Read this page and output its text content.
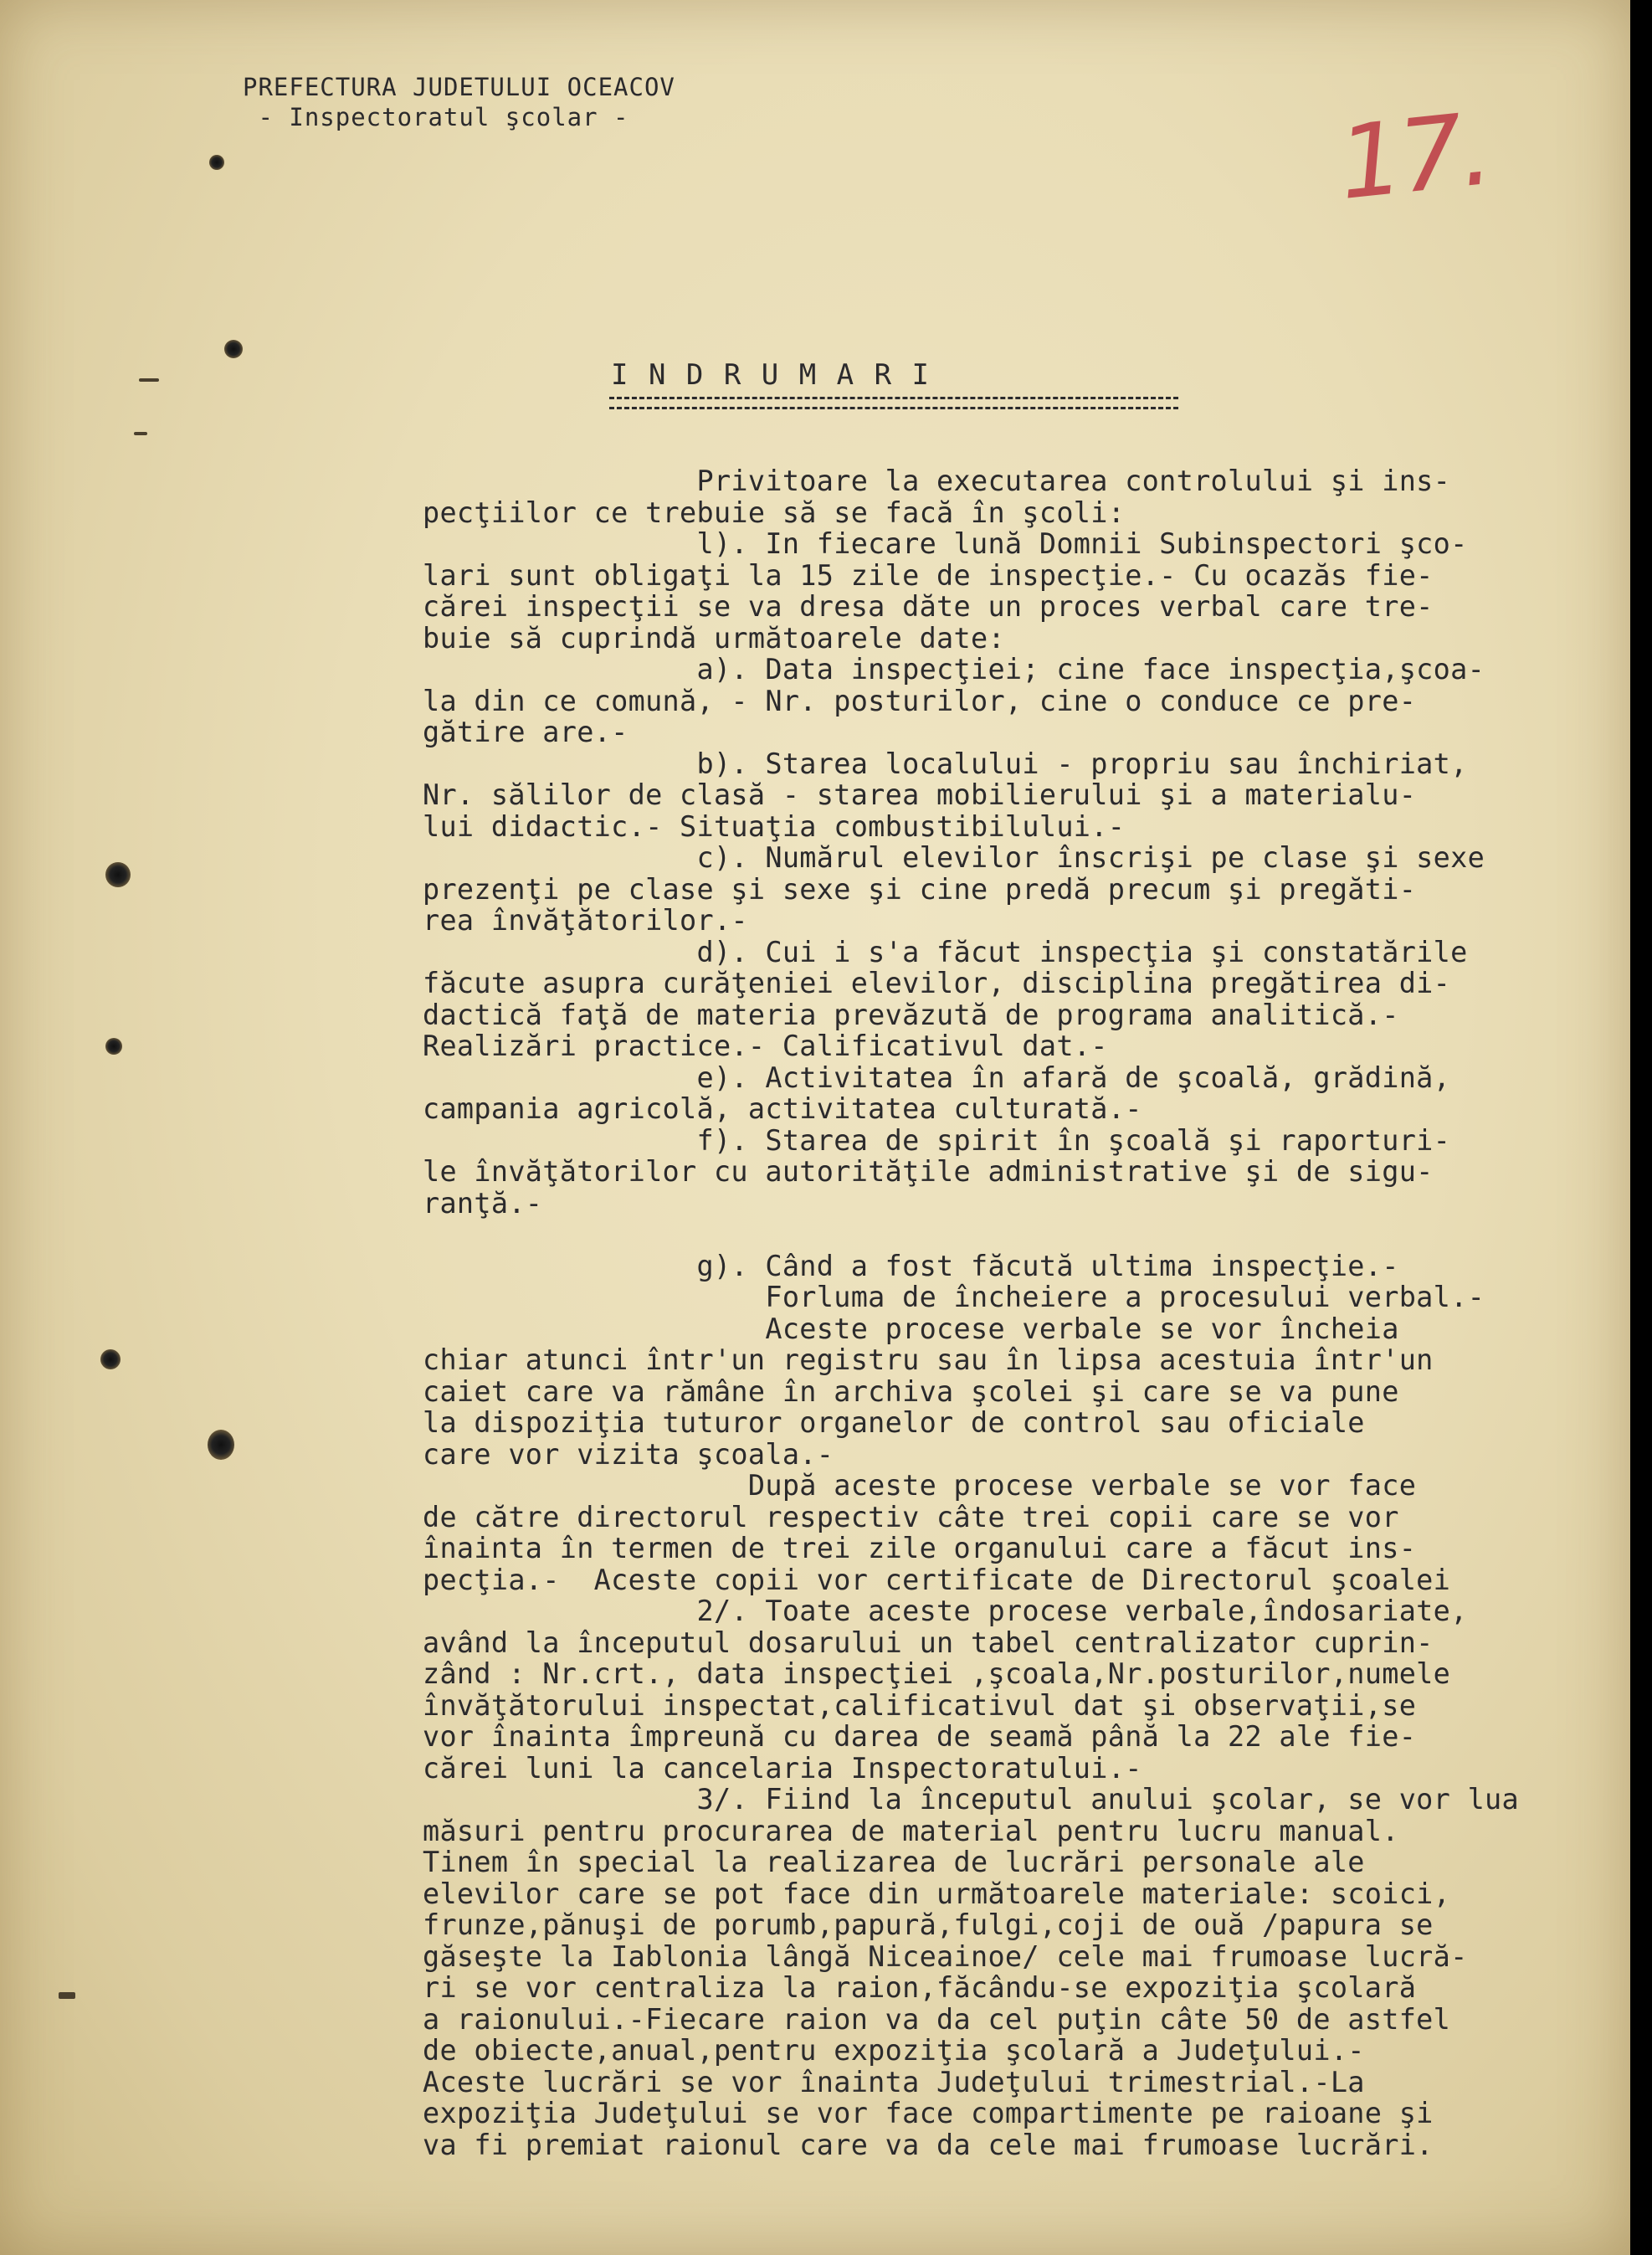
PREFECTURA JUDETULUI OCEACOV
- Inspectoratul şcolar -	17.
I N D R U M A R I
Privitoare la executarea controlului şi ins-
pecţiilor ce trebuie să se facă în şcoli:
l). In fiecare lună Domnii Subinspectori şco-
lari sunt obligaţi la 15 zile de inspecţie.- Cu ocazăs fie-
cărei inspecţii se va dresa dăte un proces verbal care tre-
buie să cuprindă următoarele date:
a). Data inspecţiei; cine face inspecţia,şcoa-
la din ce comună, - Nr. posturilor, cine o conduce ce pre-
gătire are.-
b). Starea localului - propriu sau închiriat,
Nr. sălilor de clasă - starea mobilierului şi a materialu-
lui didactic.- Situaţia combustibilului.-
c). Numărul elevilor înscrişi pe clase şi sexe
prezenţi pe clase şi sexe şi cine predă precum şi pregăti-
rea învăţătorilor.-
d). Cui i s'a făcut inspecţia şi constatările
făcute asupra curăţeniei elevilor, disciplina pregătirea di-
dactică faţă de materia prevăzută de programa analitică.-
Realizări practice.- Calificativul dat.-
e). Activitatea în afară de şcoală, grădină,
campania agricolă, activitatea culturată.-
f). Starea de spirit în şcoală şi raporturi-
le învăţătorilor cu autorităţile administrative şi de sigu-
ranţă.-
g). Când a fost făcută ultima inspecţie.-
Forluma de încheiere a procesului verbal.-
Aceste procese verbale se vor încheia
chiar atunci într'un registru sau în lipsa acestuia într'un
caiet care va rămâne în archiva şcolei şi care se va pune
la dispoziţia tuturor organelor de control sau oficiale
care vor vizita şcoala.-
După aceste procese verbale se vor face
de către directorul respectiv câte trei copii care se vor
înainta în termen de trei zile organului care a făcut ins-
pecţia.-  Aceste copii vor certificate de Directorul şcoalei
2/. Toate aceste procese verbale,îndosariate,
având la începutul dosarului un tabel centralizator cuprin-
zând : Nr.crt., data inspecţiei ,şcoala,Nr.posturilor,numele
învăţătorului inspectat,calificativul dat şi observaţii,se
vor înainta împreună cu darea de seamă până la 22 ale fie-
cărei luni la cancelaria Inspectoratului.-
3/. Fiind la începutul anului şcolar, se vor lua
măsuri pentru procurarea de material pentru lucru manual.
Tinem în special la realizarea de lucrări personale ale
elevilor care se pot face din următoarele materiale: scoici,
frunze,pănuşi de porumb,papură,fulgi,coji de ouă /papura se
găseşte la Iablonia lângă Niceainoe/ cele mai frumoase lucră-
ri se vor centraliza la raion,făcându-se expoziţia şcolară
a raionului.-Fiecare raion va da cel puţin câte 50 de astfel
de obiecte,anual,pentru expoziţia şcolară a Judeţului.-
Aceste lucrări se vor înainta Judeţului trimestrial.-La
expoziţia Judeţului se vor face compartimente pe raioane şi
va fi premiat raionul care va da cele mai frumoase lucrări.
